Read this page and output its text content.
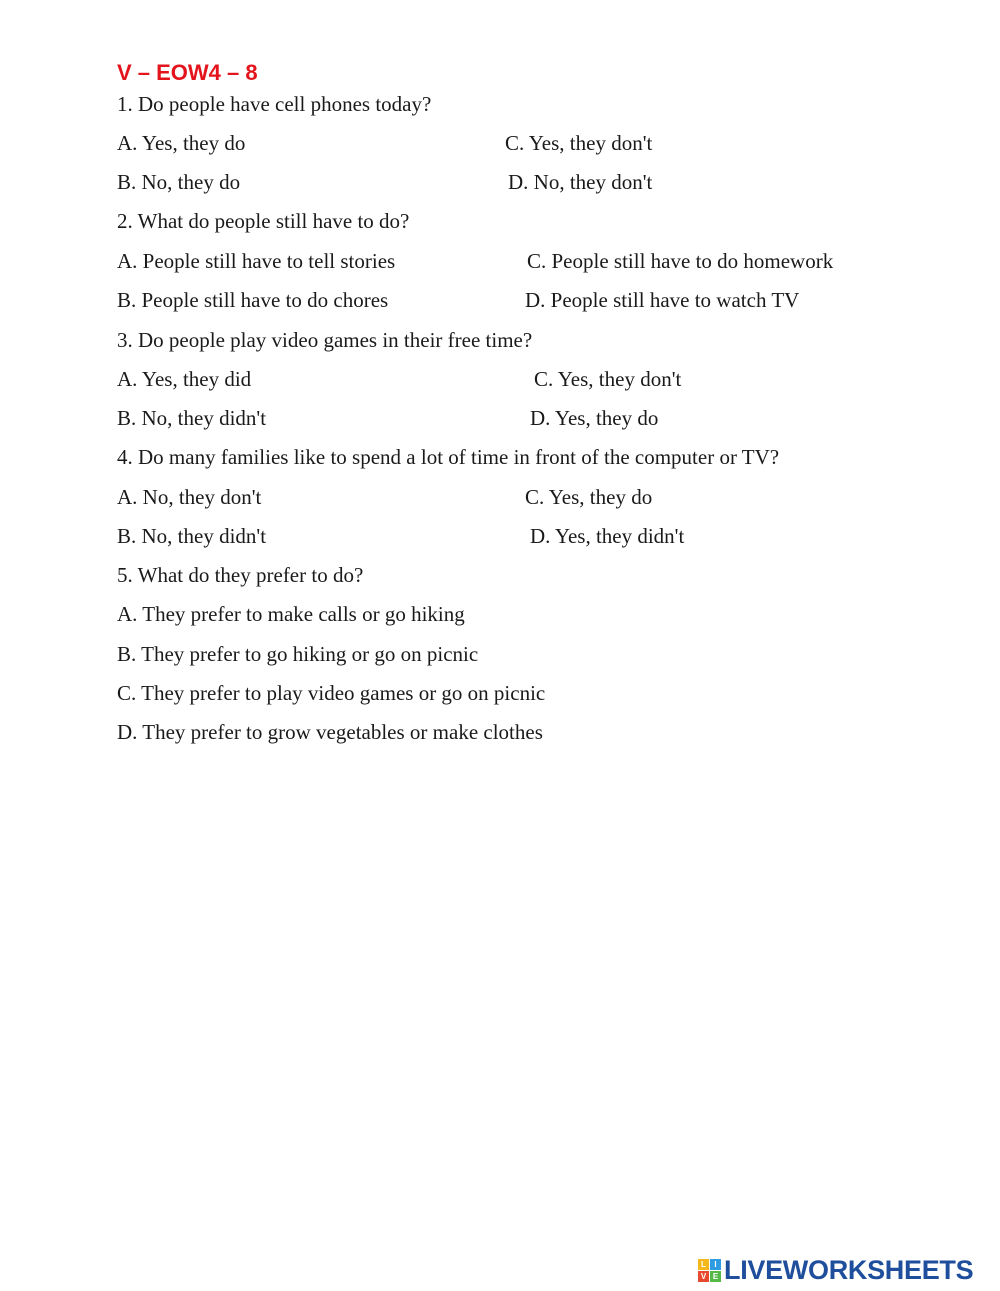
V – EOW4 – 8
1. Do people have cell phones today?
A. Yes, they do	C. Yes, they don't
B. No, they do	D. No, they don't
2. What do people still have to do?
A. People still have to tell stories	C. People still have to do homework
B. People still have to do chores	D. People still have to watch TV
3. Do people play video games in their free time?
A. Yes, they did	C. Yes, they don't
B. No, they didn't	D. Yes, they do
4. Do many families like to spend a lot of time in front of the computer or TV?
A. No, they don't	C. Yes, they do
B. No, they didn't	D. Yes, they didn't
5. What do they prefer to do?
A. They prefer to make calls or go hiking
B. They prefer to go hiking or go on picnic
C. They prefer to play video games or go on picnic
D. They prefer to grow vegetables or make clothes
L	I
V E LIVEWORKSHEETS
